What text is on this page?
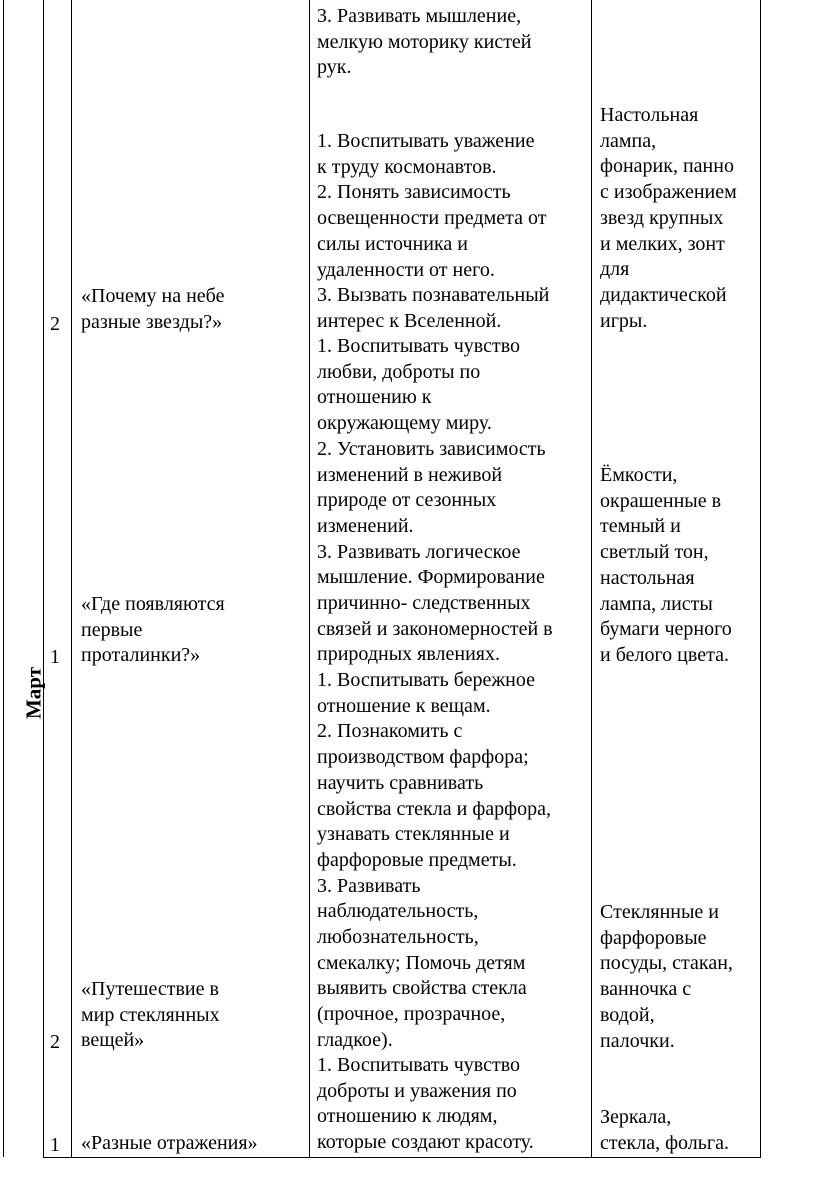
Март
3. Развивать мышление,
мелкую моторику кистей
рук.
2
«Почему на небе
разные звезды?»
1. Воспитывать уважение
к труду космонавтов.
2. Понять зависимость
освещенности предмета от
силы источника и
удаленности от него.
3. Вызвать познавательный
интерес к Вселенной.
Настольная
лампа,
фонарик, панно
с изображением
звезд крупных
и мелких, зонт
для
дидактической
игры.
1
«Где появляются
первые
проталинки?»
1. Воспитывать чувство
любви, доброты по
отношению к
окружающему миру.
2. Установить зависимость
изменений в неживой
природе от сезонных
изменений.
3. Развивать логическое
мышление. Формирование
причинно- следственных
связей и закономерностей в
природных явлениях.
Ёмкости,
окрашенные в
темный и
светлый тон,
настольная
лампа, листы
бумаги черного
и белого цвета.
2
«Путешествие в
мир стеклянных
вещей»
1. Воспитывать бережное
отношение к вещам.
2. Познакомить с
производством фарфора;
научить сравнивать
свойства стекла и фарфора,
узнавать стеклянные и
фарфоровые предметы.
3. Развивать
наблюдательность,
любознательность,
смекалку; Помочь детям
выявить свойства стекла
(прочное, прозрачное,
гладкое).
Стеклянные и
фарфоровые
посуды, стакан,
ванночка с
водой,
палочки.
1 «Разные отражения»
1. Воспитывать чувство
доброты и уважения по
отношению к людям,
которые создают красоту.
Зеркала,
стекла, фольга.
